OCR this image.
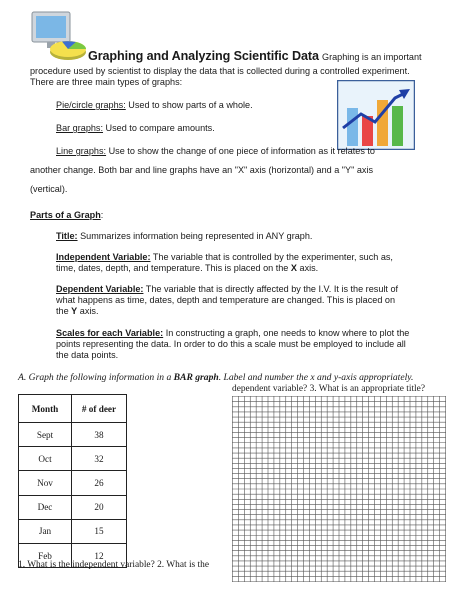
Graphing and Analyzing Scientific Data Graphing is an important
procedure used by scientist to display the data that is collected during a controlled experiment.
There are three main types of graphs:
Pie/circle graphs: Used to show parts of a whole.
Bar graphs: Used to compare amounts.
Line graphs: Use to show the change of one piece of information as it relates to
another change. Both bar and line graphs have an "X" axis (horizontal) and a "Y" axis
(vertical).
Parts of a Graph:
Title: Summarizes information being represented in ANY graph.
Independent Variable: The variable that is controlled by the experimenter, such as,
time, dates, depth, and temperature. This is placed on the X axis.
Dependent Variable: The variable that is directly affected by the I.V. It is the result of
what happens as time, dates, depth and temperature are changed. This is placed on
the Y axis.
Scales for each Variable: In constructing a graph, one needs to know where to plot the
points representing the data. In order to do this a scale must be employed to include all
the data points.
A. Graph the following information in a BAR graph. Label and number the x and y-axis appropriately.
dependent variable? 3. What is an appropriate title?
Month	# of deer
Sept	38
Oct	32
Nov	26
Dec	20
Jan	15
Feb	12
1. What is the independent variable? 2. What is the
